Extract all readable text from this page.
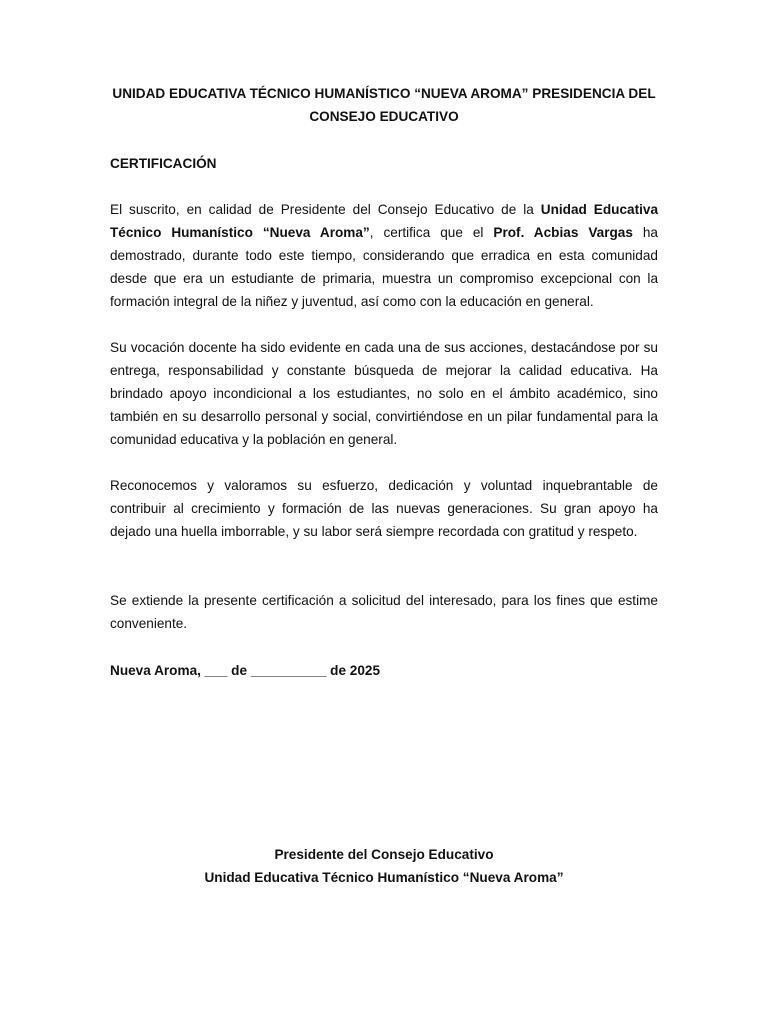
UNIDAD EDUCATIVA TÉCNICO HUMANÍSTICO “NUEVA AROMA” PRESIDENCIA DEL CONSEJO EDUCATIVO
CERTIFICACIÓN

El suscrito, en calidad de Presidente del Consejo Educativo de la Unidad Educativa Técnico Humanístico “Nueva Aroma”, certifica que el Prof. Acbias Vargas ha demostrado, durante todo este tiempo, considerando que erradica en esta comunidad desde que era un estudiante de primaria, muestra un compromiso excepcional con la formación integral de la niñez y juventud, así como con la educación en general.

Su vocación docente ha sido evidente en cada una de sus acciones, destacándose por su entrega, responsabilidad y constante búsqueda de mejorar la calidad educativa. Ha brindado apoyo incondicional a los estudiantes, no solo en el ámbito académico, sino también en su desarrollo personal y social, convirtiéndose en un pilar fundamental para la comunidad educativa y la población en general.

Reconocemos y valoramos su esfuerzo, dedicación y voluntad inquebrantable de contribuir al crecimiento y formación de las nuevas generaciones. Su gran apoyo ha dejado una huella imborrable, y su labor será siempre recordada con gratitud y respeto.

Se extiende la presente certificación a solicitud del interesado, para los fines que estime conveniente.

Nueva Aroma, ___ de __________ de 2025
Presidente del Consejo Educativo
Unidad Educativa Técnico Humanístico “Nueva Aroma”
